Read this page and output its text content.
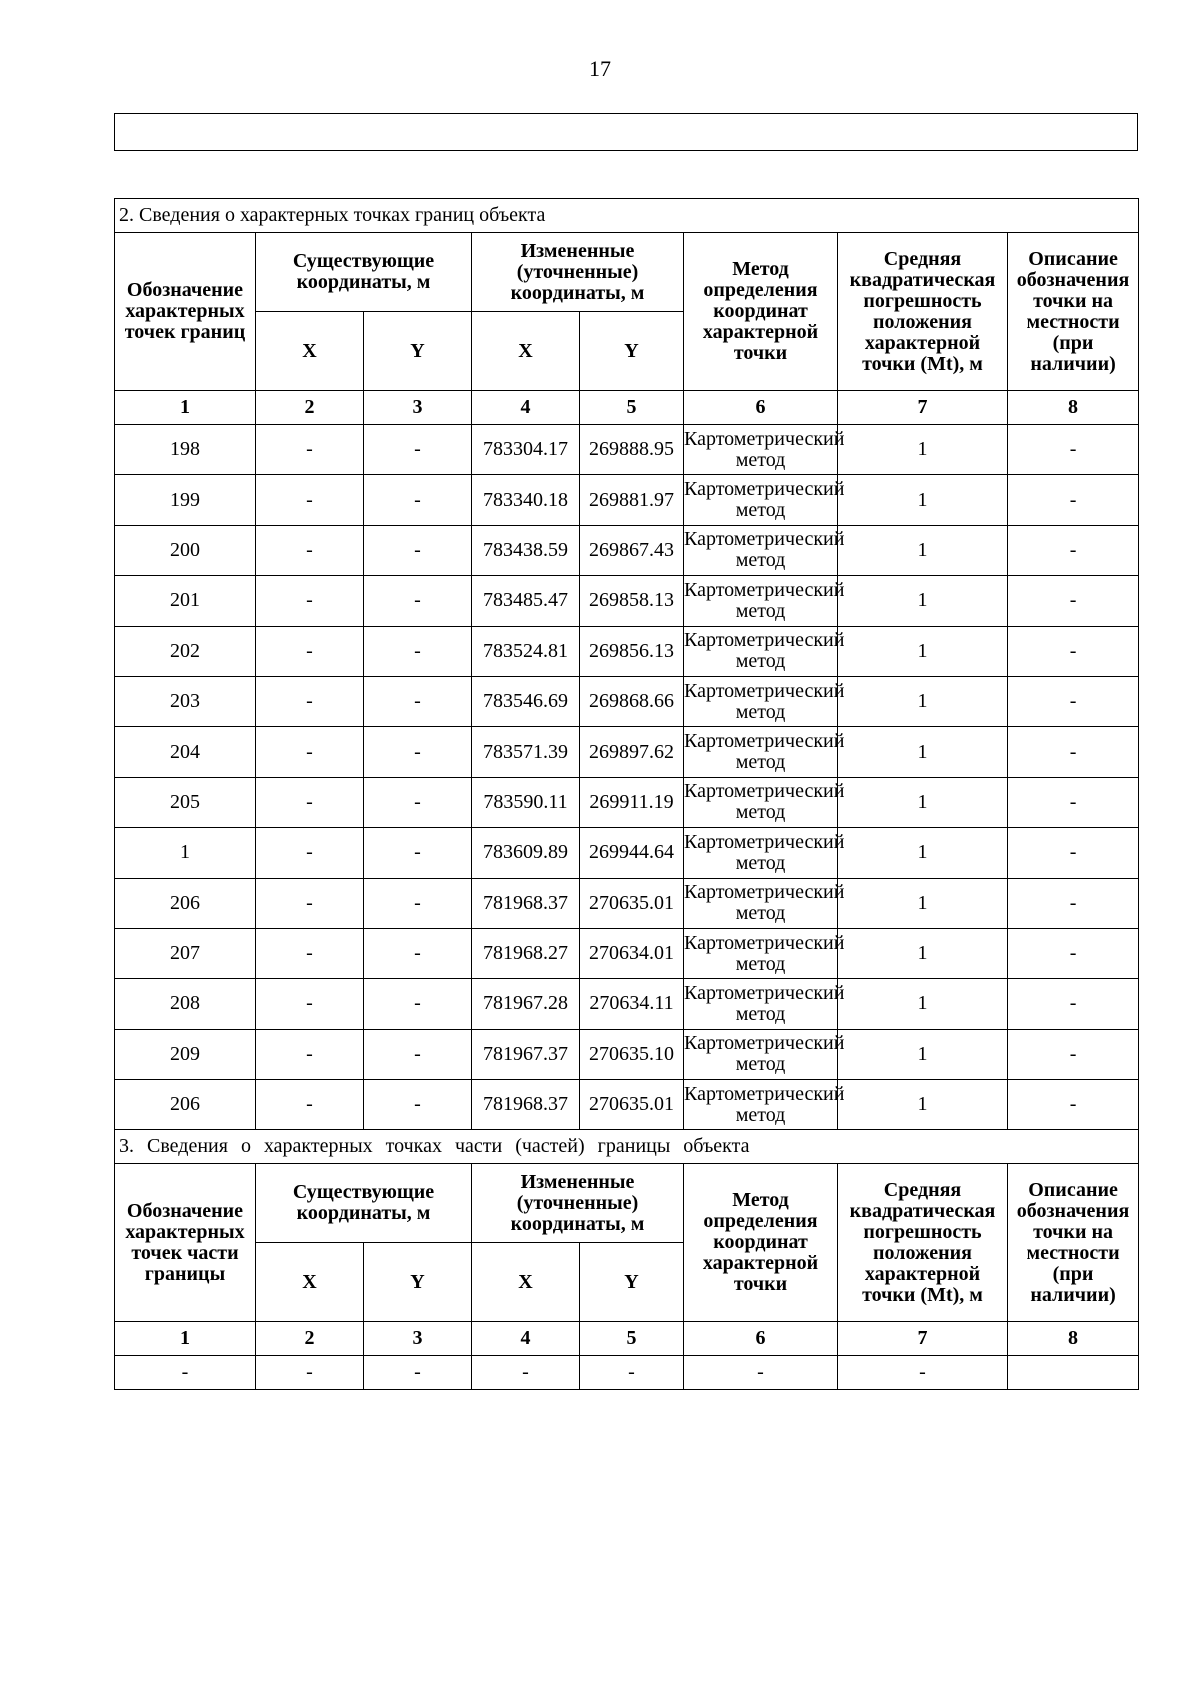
17
2. Сведения о характерных точках границ объекта							
Обозначение характерных точек границ	Существующие координаты, м		Измененные (уточненные) координаты, м		Метод определения координат характерной точки	Средняя квадратическая погрешность положения характерной точки (Mt), м	Описание обозначения точки на местности (при наличии)
	X	Y	X	Y			
1	2	3	4	5	6	7	8
198	-	-	783304.17	269888.95	Картометрический метод	1	-
199	-	-	783340.18	269881.97	Картометрический метод	1	-
200	-	-	783438.59	269867.43	Картометрический метод	1	-
201	-	-	783485.47	269858.13	Картометрический метод	1	-
202	-	-	783524.81	269856.13	Картометрический метод	1	-
203	-	-	783546.69	269868.66	Картометрический метод	1	-
204	-	-	783571.39	269897.62	Картометрический метод	1	-
205	-	-	783590.11	269911.19	Картометрический метод	1	-
1	-	-	783609.89	269944.64	Картометрический метод	1	-
206	-	-	781968.37	270635.01	Картометрический метод	1	-
207	-	-	781968.27	270634.01	Картометрический метод	1	-
208	-	-	781967.28	270634.11	Картометрический метод	1	-
209	-	-	781967.37	270635.10	Картометрический метод	1	-
206	-	-	781968.37	270635.01	Картометрический метод	1	-
3. Сведения о характерных точках части (частей) границы объекта							
Обозначение характерных точек части границы	Существующие координаты, м		Измененные (уточненные) координаты, м		Метод определения координат характерной точки	Средняя квадратическая погрешность положения характерной точки (Mt), м	Описание обозначения точки на местности (при наличии)
	X	Y	X	Y			
1	2	3	4	5	6	7	8
-	-	-	-	-	-	-	
